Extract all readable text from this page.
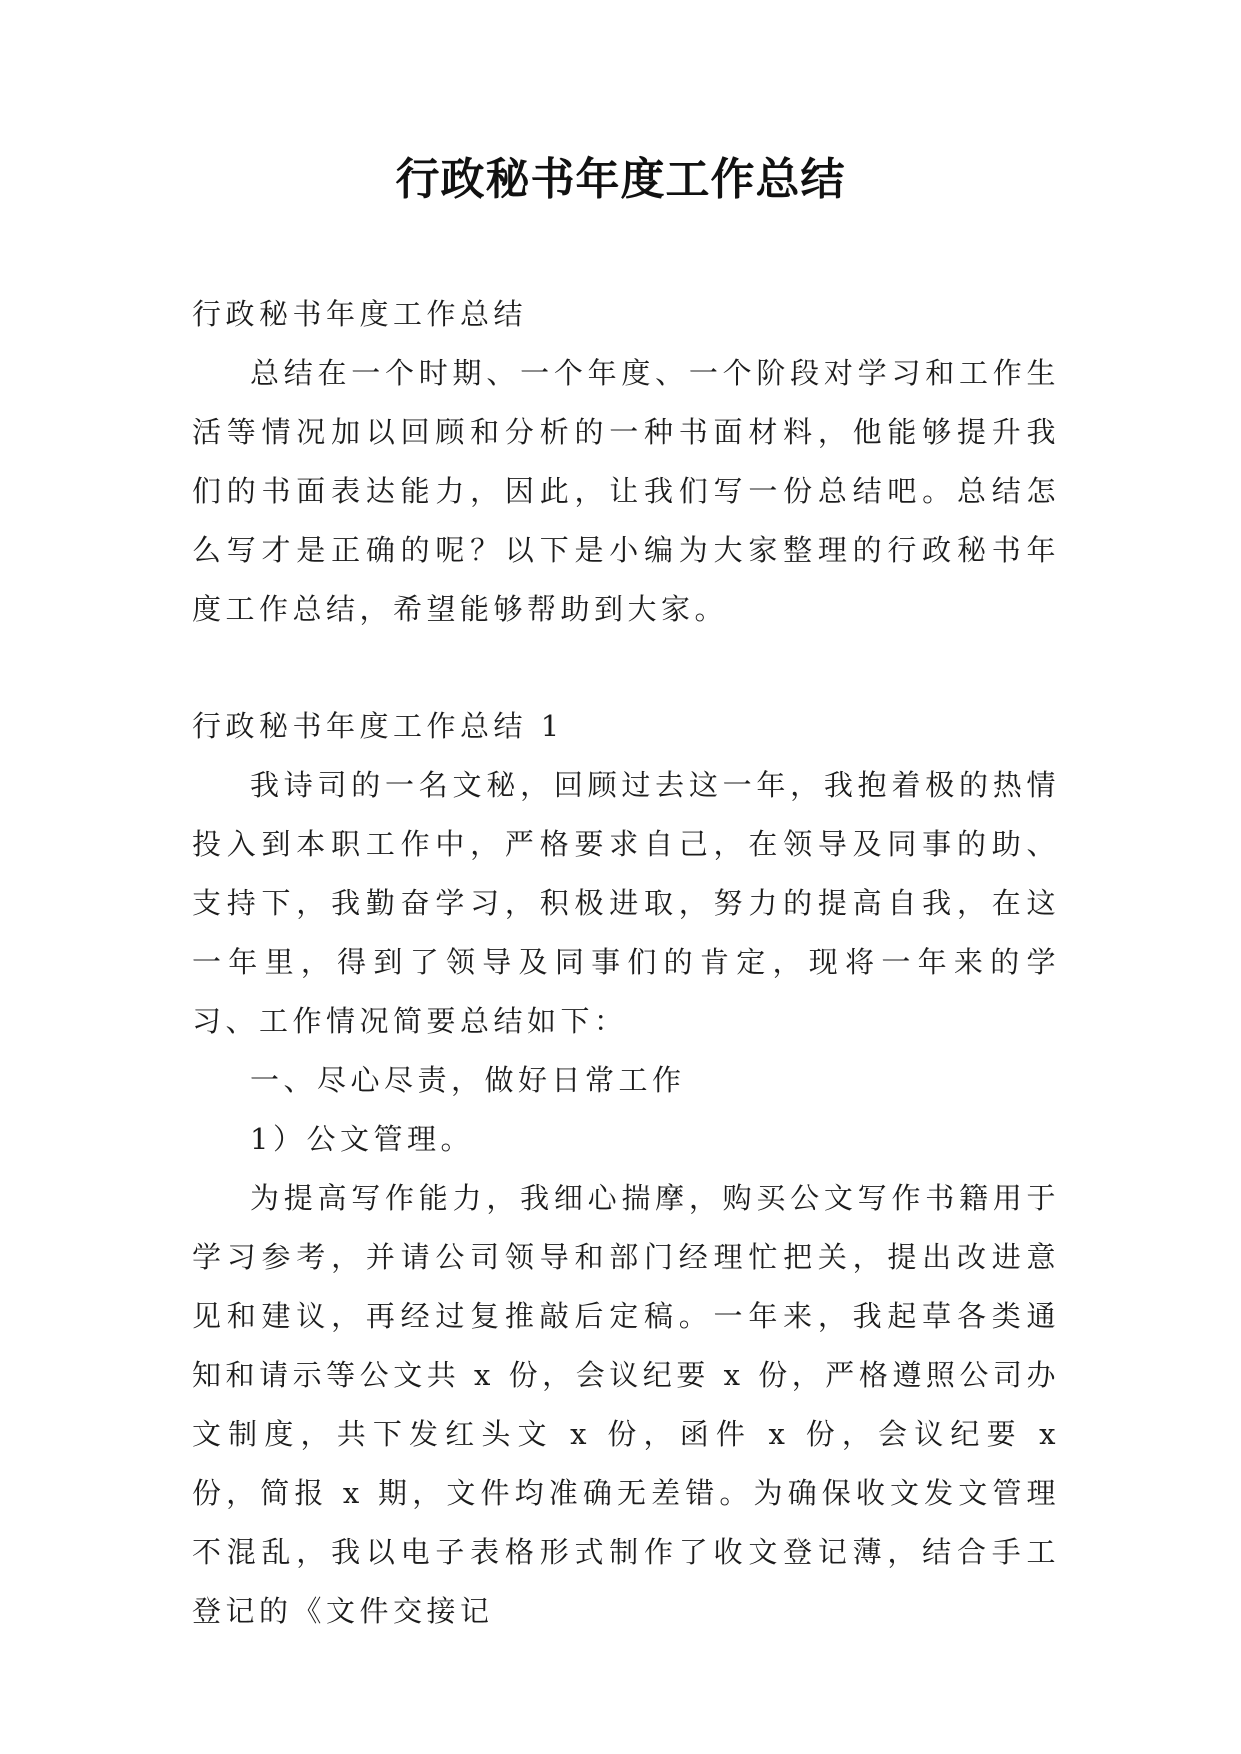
行政秘书年度工作总结

行政秘书年度工作总结

总结在一个时期、一个年度、一个阶段对学习和工作生活等情况加以回顾和分析的一种书面材料，他能够提升我们的书面表达能力，因此，让我们写一份总结吧。总结怎么写才是正确的呢？以下是小编为大家整理的行政秘书年度工作总结，希望能够帮助到大家。

行政秘书年度工作总结 1

我诗司的一名文秘，回顾过去这一年，我抱着极的热情投入到本职工作中，严格要求自己，在领导及同事的助、支持下，我勤奋学习，积极进取，努力的提高自我，在这一年里，得到了领导及同事们的肯定，现将一年来的学习、工作情况简要总结如下：

一、尽心尽责，做好日常工作

1）公文管理。

为提高写作能力，我细心揣摩，购买公文写作书籍用于学习参考，并请公司领导和部门经理忙把关，提出改进意见和建议，再经过复推敲后定稿。一年来，我起草各类通知和请示等公文共 x 份，会议纪要 x 份，严格遵照公司办文制度，共下发红头文 x 份，函件 x 份，会议纪要 x 份，简报 x 期，文件均准确无差错。为确保收文发文管理不混乱，我以电子表格形式制作了收文登记薄，结合手工登记的《文件交接记
